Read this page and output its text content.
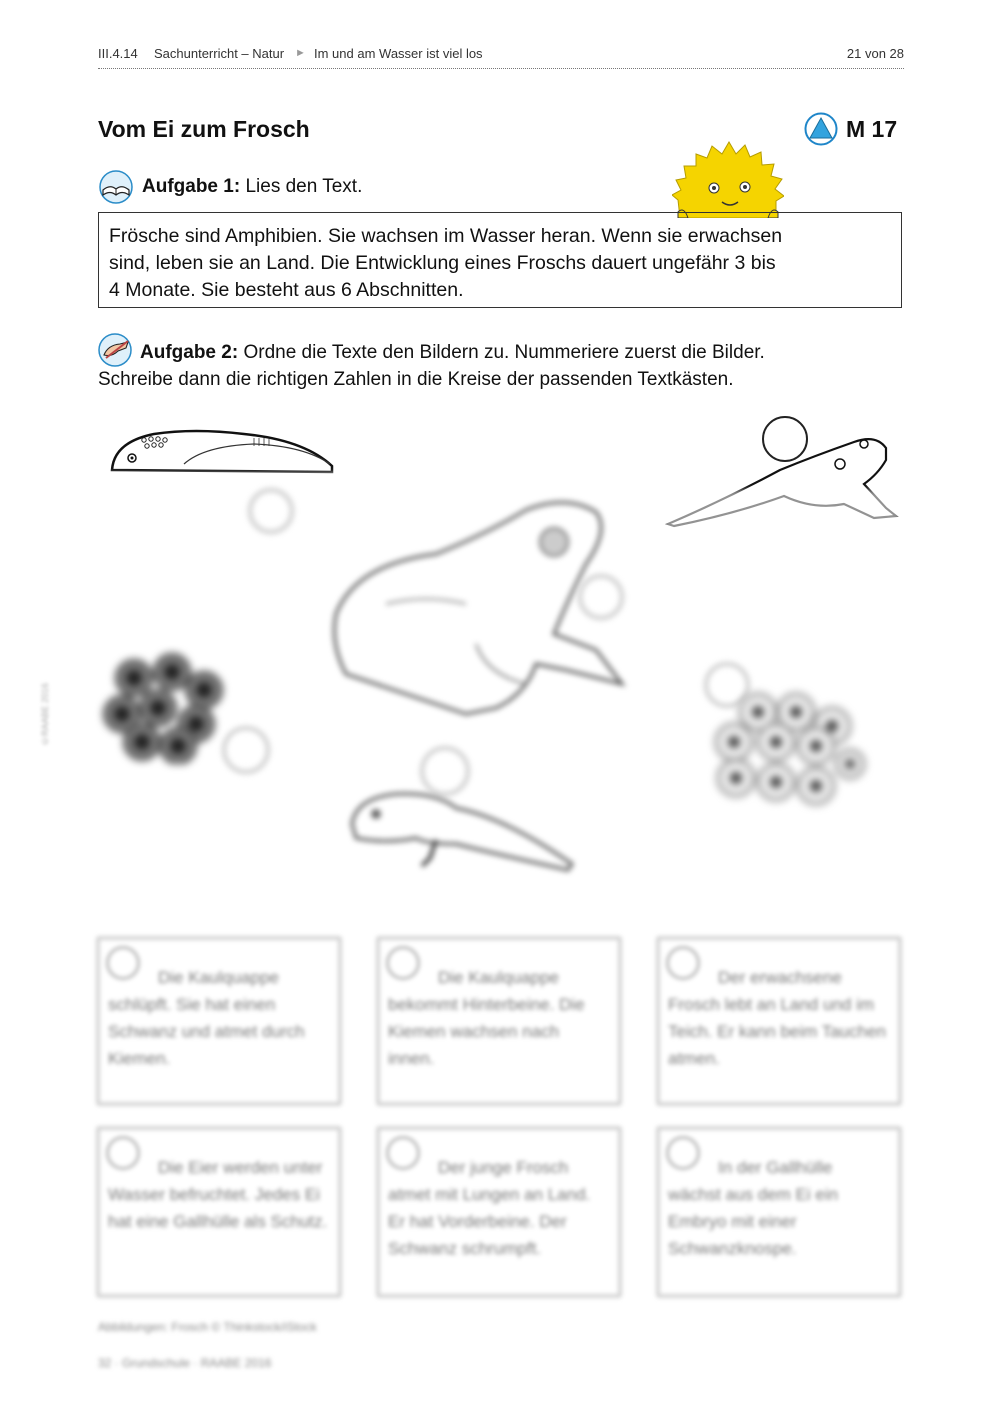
III.4.14 Sachunterricht – Natur ► Im und am Wasser ist viel los	21 von 28
Vom Ei zum Frosch	M 17
Aufgabe 1: Lies den Text.
Frösche sind Amphibien. Sie wachsen im Wasser heran. Wenn sie erwachsen
sind, leben sie an Land. Die Entwicklung eines Froschs dauert ungefähr 3 bis
4 Monate. Sie besteht aus 6 Abschnitten.
Aufgabe 2: Ordne die Texte den Bildern zu. Nummeriere zuerst die Bilder.
Schreibe dann die richtigen Zahlen in die Kreise der passenden Textkästen.
©RAABE 2016
Die Kaulquappe schlüpft. Sie hat einen Schwanz und atmet durch Kiemen.
Die Kaulquappe bekommt Hinterbeine. Die Kiemen wachsen nach innen.
Der erwachsene Frosch lebt an Land und im Teich. Er kann beim Tauchen atmen.
Die Eier werden unter Wasser befruchtet. Jedes Ei hat eine Gallhülle als Schutz.
Der junge Frosch atmet mit Lungen an Land. Er hat Vorderbeine. Der Schwanz schrumpft.
In der Gallhülle wächst aus dem Ei ein Embryo mit einer Schwanzknospe.
Abbildungen: Frosch © Thinkstock/iStock
32 · Grundschule · RAABE 2016
